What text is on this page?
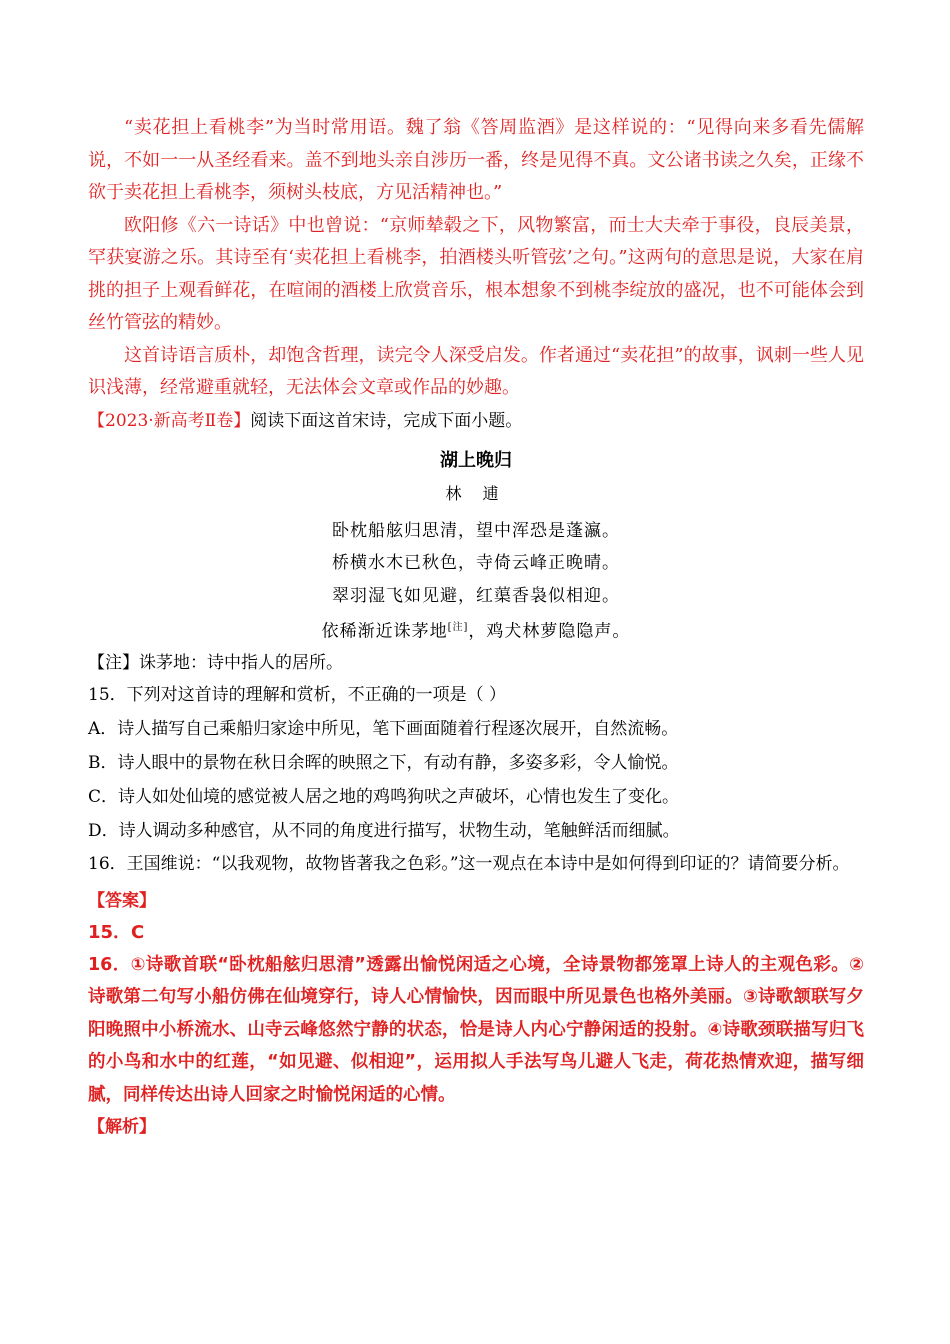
“卖花担上看桃李”为当时常用语。魏了翁《答周监酒》是这样说的：“见得向来多看先儒解说，不如一一从圣经看来。盖不到地头亲自涉历一番，终是见得不真。文公诸书读之久矣，正缘不欲于卖花担上看桃李，须树头枝底，方见活精神也。”

欧阳修《六一诗话》中也曾说：“京师辇毂之下，风物繁富，而士大夫牵于事役，良辰美景，罕获宴游之乐。其诗至有‘卖花担上看桃李，拍酒楼头听管弦’之句。”这两句的意思是说，大家在肩挑的担子上观看鲜花，在喧闹的酒楼上欣赏音乐，根本想象不到桃李绽放的盛况，也不可能体会到丝竹管弦的精妙。

这首诗语言质朴，却饱含哲理，读完令人深受启发。作者通过“卖花担”的故事，讽刺一些人见识浅薄，经常避重就轻，无法体会文章或作品的妙趣。

【2023·新高考Ⅱ卷】阅读下面这首宋诗，完成下面小题。

湖上晚归

林 逋

卧枕船舷归思清，望中浑恐是蓬瀛。

桥横水木已秋色，寺倚云峰正晚晴。

翠羽湿飞如见避，红蕖香袅似相迎。

依稀渐近诛茅地[注]，鸡犬林萝隐隐声。

【注】诛茅地：诗中指人的居所。

15．下列对这首诗的理解和赏析，不正确的一项是（ ）

A．诗人描写自己乘船归家途中所见，笔下画面随着行程逐次展开，自然流畅。

B．诗人眼中的景物在秋日余晖的映照之下，有动有静，多姿多彩，令人愉悦。

C．诗人如处仙境的感觉被人居之地的鸡鸣狗吠之声破坏，心情也发生了变化。

D．诗人调动多种感官，从不同的角度进行描写，状物生动，笔触鲜活而细腻。

16．王国维说：“以我观物，故物皆著我之色彩。”这一观点在本诗中是如何得到印证的？请简要分析。

【答案】

15．C

16．①诗歌首联“卧枕船舷归思清”透露出愉悦闲适之心境，全诗景物都笼罩上诗人的主观色彩。②诗歌第二句写小船仿佛在仙境穿行，诗人心情愉快，因而眼中所见景色也格外美丽。③诗歌颔联写夕阳晚照中小桥流水、山寺云峰悠然宁静的状态，恰是诗人内心宁静闲适的投射。④诗歌颈联描写归飞的小鸟和水中的红莲，“如见避、似相迎”，运用拟人手法写鸟儿避人飞走，荷花热情欢迎，描写细腻，同样传达出诗人回家之时愉悦闲适的心情。

【解析】
